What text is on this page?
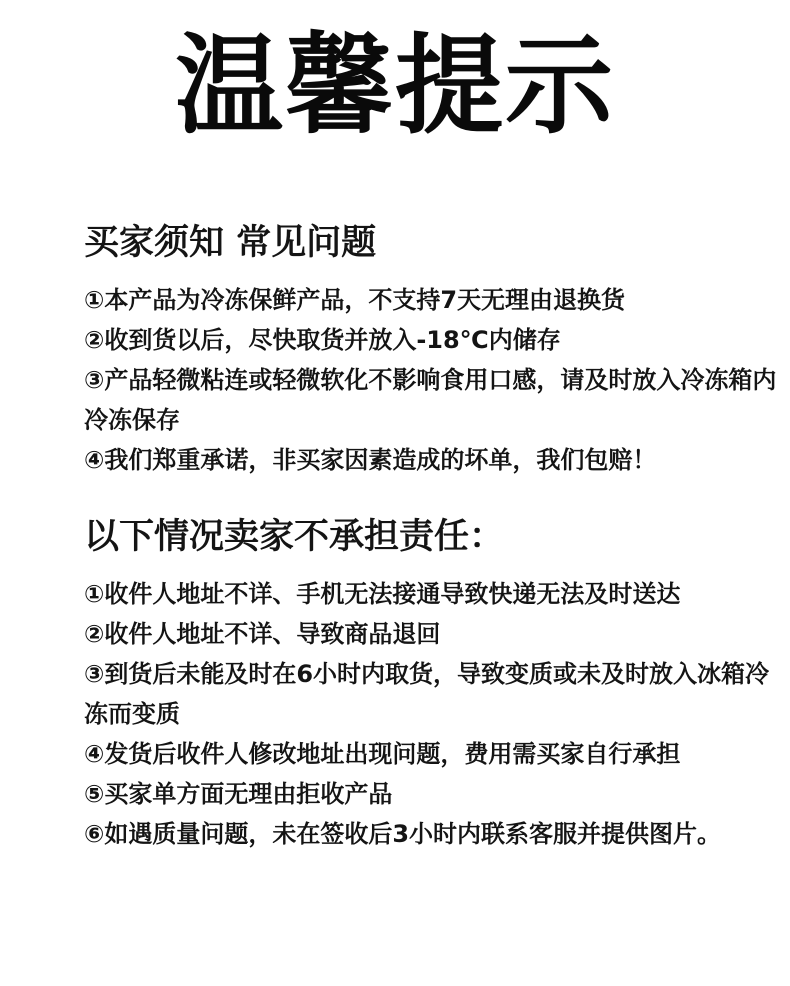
温馨提示
买家须知 常见问题
①本产品为冷冻保鲜产品，不支持7天无理由退换货
②收到货以后，尽快取货并放入-18℃内储存
③产品轻微粘连或轻微软化不影响食用口感，请及时放入冷冻箱内冷冻保存
④我们郑重承诺，非买家因素造成的坏单，我们包赔！
以下情况卖家不承担责任：
①收件人地址不详、手机无法接通导致快递无法及时送达
②收件人地址不详、导致商品退回
③到货后未能及时在6小时内取货，导致变质或未及时放入冰箱冷冻而变质
④发货后收件人修改地址出现问题，费用需买家自行承担
⑤买家单方面无理由拒收产品
⑥如遇质量问题，未在签收后3小时内联系客服并提供图片。
